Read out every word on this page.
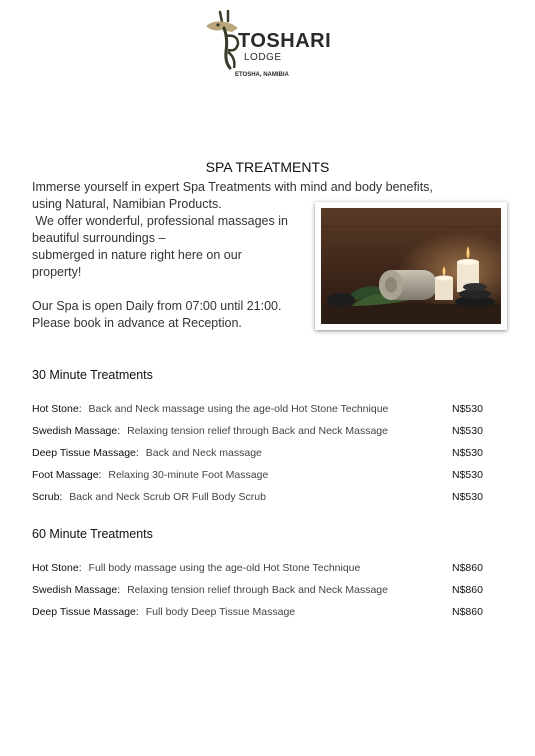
TOSHARI
LODGE
ETOSHA, NAMIBIA
SPA TREATMENTS
Immerse yourself in expert Spa Treatments with mind and body benefits,
using Natural, Namibian Products.
We offer wonderful, professional massages in
beautiful surroundings –
submerged in nature right here on our
property!
Our Spa is open Daily from 07:00 until 21:00.
Please book in advance at Reception.
30 Minute Treatments
Hot Stone: Back and Neck massage using the age-old Hot Stone Technique	N$530
Swedish Massage: Relaxing tension relief through Back and Neck Massage	N$530
Deep Tissue Massage: Back and Neck massage	N$530
Foot Massage: Relaxing 30-minute Foot Massage	N$530
Scrub: Back and Neck Scrub OR Full Body Scrub	N$530
60 Minute Treatments
Hot Stone: Full body massage using the age-old Hot Stone Technique	N$860
Swedish Massage: Relaxing tension relief through Back and Neck Massage	N$860
Deep Tissue Massage: Full body Deep Tissue Massage	N$860
